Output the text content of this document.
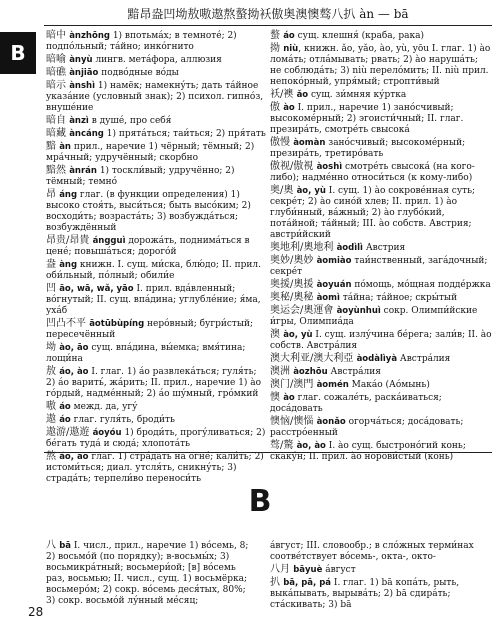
黯昂盎凹坳敖嗷遨熬螯拗袄傲奥澳懊骜八扒 àn — bā
B

暗中 ànzhōng 1) впотьма́х; в темноте́; 2) подпо́льный; та́йно; инко́гнито

暗喻 ànyù лингв. мета́фора, аллюзия

暗礁 ànjiāo подво́дные во́ды

暗示 ànshì 1) намёк; намекну́ть; дать та́йное указа́ние (условный знак); 2) психол. гипно́з, внуше́ние

暗自 ànzì в душе́, про себя́

暗藏 àncáng 1) прята́ться; таи́ться; 2) пря́тать

黯 àn прил., наречие 1) чёрный; тёмный; 2) мра́чный; удручённый; скорбно

黯然 ànrán 1) тоскли́вый; удручённо; 2) тёмный; темно́

昂 áng глаг. (в функции определения) 1) высоко стоя́ть, выси́ться; быть высо́ким; 2) восходи́ть; возраста́ть; 3) возбужда́ться; возбуждённый

昂贵/昂貴 ángguì дорожа́ть, поднима́ться в цене́; повыша́ться; дорого́й

盎 àng книжн. I. сущ. ми́ска, блю́до; II. прил. оби́льный, по́лный; обили́е

凹 āo, wā, wǎ, yāo I. прил. вда́вленный; во́гнутый; II. сущ. впа́дина; углубле́ние; я́ма, уха́б

凹凸不平 āotūbùpíng неро́вный; бугри́стый; пересечённый

坳 ào, āo сущ. впа́дина, вы́емка; вмя́тина; лощи́на

敖 áo, ào I. глаг. 1) áo развлека́ться; гуля́ть; 2) áo варить́, жа́рить; II. прил., наречие 1) ào го́рдый, надме́нный; 2) áo шу́мный, гро́мкий

嗷 áo межд. да, угу́

遨 áo глаг. гуля́ть, броди́ть

遨游/遨遊 áoyóu 1) броди́ть, прогу́ливаться; 2) бе́гать туда́ и сюда́; хлопота́ть

熬 áo, āo глаг. 1) стра́дать на огне́; кали́ть; 2) истоми́ться; диал. утсля́ть, сникну́ть; 3) страда́ть; терпели́во переноси́ть

螯 áo сущ. клешня́ (краба, рака)

拗 niù, книжн. ǎo, yǎo, ào, yù, yōu I. глаг. 1) ào лома́ть; отла́мывать; рвать; 2) ào наруша́ть; не соблюда́ть; 3) niù перело́мить; II. niù прил. непоко́рный, упря́мый; стропти́вый

袄/襖 ǎo сущ. зи́мняя ку́ртка

傲 ào I. прил., наречие 1) зано́счивый; высокоме́рный; 2) эгоисти́чный; II. глаг. презира́ть, смотре́ть свысока́

傲慢 àomàn зано́счивый; высокоме́рный; презира́ть, третиро́вать

傲视/傲視 àoshì смотре́ть свысока́ (на кого-либо); надме́нно относи́ться (к кому-либо)

奥/奧 ào, yù I. сущ. 1) ào сокрове́нная суть; секре́т; 2) ào сино́й хлев; II. прил. 1) ào глуби́нный, ва́жный; 2) ào глубо́кий, пота́йной; та́йный; III. ào собств. Австрия; австри́йский

奥地利/奧地利 àodìlì Австрия

奥妙/奧妙 àomiào таи́нственный, зага́дочный; секре́т

奥援/奧援 àoyuán по́мощь, мо́щная подде́ржка

奥秘/奧秘 àomì та́йна; та́йное; скры́тый

奥运会/奧運會 àoyùnhuì сокр. Олимпи́йские и́гры, Олимпиа́да

澳 ào, yù I. сущ. излу́чина бе́рега; зали́в; II. ào собств. Австра́лия

澳大利亚/澳大利亞 àodàlìyà Австра́лия

澳洲 àozhōu Австра́лия

澳门/澳門 àomén Мака́о (Ао́мынь)

懊 ào глаг. сожале́ть, раска́иваться; доса́довать

懊恼/懊惱 àonǎo огорча́ться; доса́довать; расстро́енный

骜/驁 ào, ào I. ào сущ. быстроно́гий конь; скаку́н; II. прил. ào норови́стый (конь)

B

八 bā I. числ., прил., наречие 1) во́семь, 8; 2) восьмо́й (по порядку); в-восьмы́х; 3) восьмикра́тный; восьмери́ой; [в] во́семь раз, восьмью; II. числ., сущ. 1) восьмёрка; восьмеро́м; 2) сокр. во́семь деся́тых, 80%; 3) сокр. восьмо́й лу́нный ме́сяц;

а́вгуст; III. словообр.; в сло́жных терми́нах соотве́тствует во́семь-, окта-, окто-

八月 bāyuè а́вгуст

扒 bā, pā, pá I. глаг. 1) bā копа́ть, рыть, выка́пывать, вырыва́ть; 2) bā сдира́ть; ста́скивать; 3) bā

28
